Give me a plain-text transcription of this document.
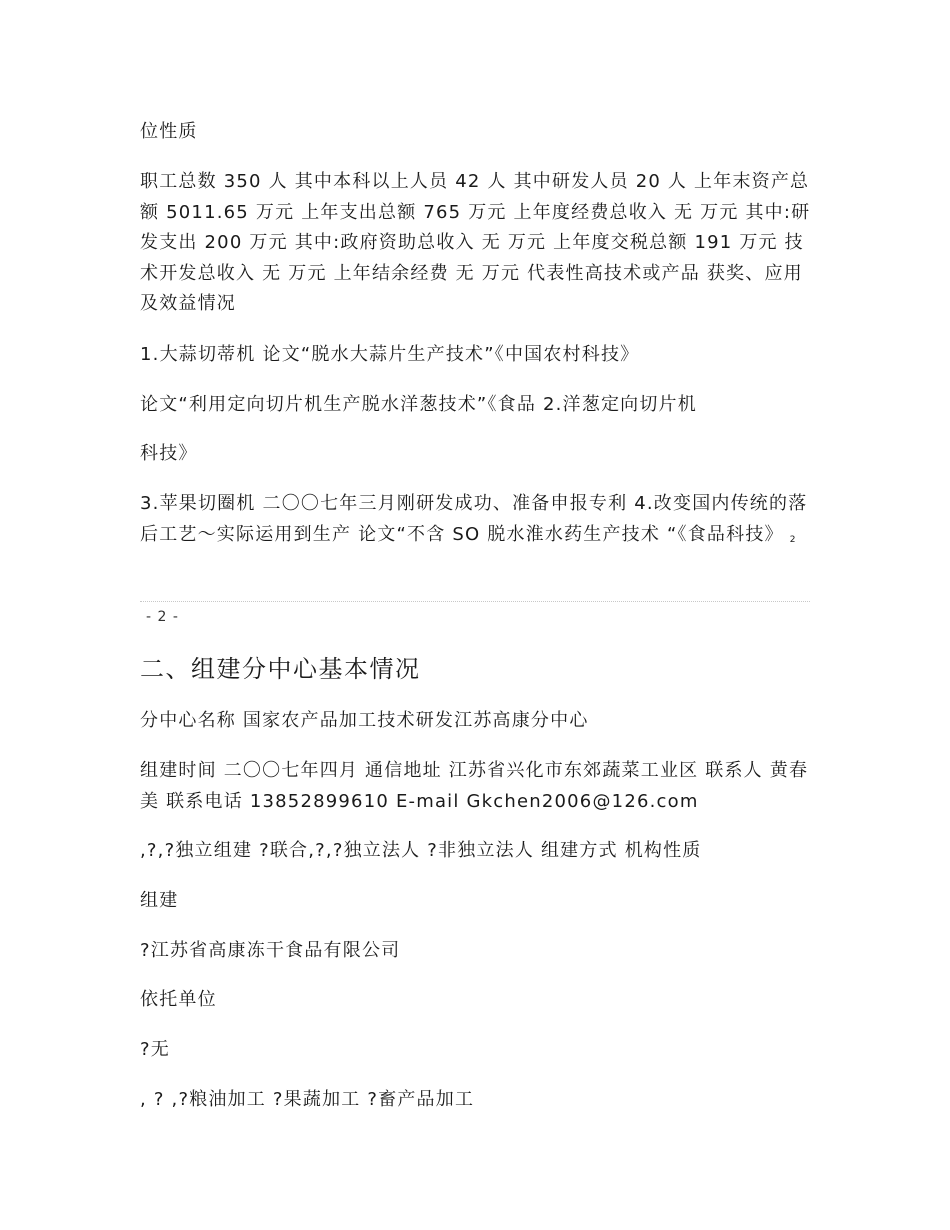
位性质
职工总数 350 人 其中本科以上人员 42 人 其中研发人员 20 人 上年末资产总额 5011.65 万元 上年支出总额 765 万元 上年度经费总收入 无 万元 其中:研发支出 200 万元 其中:政府资助总收入 无 万元 上年度交税总额 191 万元 技术开发总收入 无 万元 上年结余经费 无 万元 代表性高技术或产品 获奖、应用及效益情况
1.大蒜切蒂机 论文“脱水大蒜片生产技术”《中国农村科技》
论文“利用定向切片机生产脱水洋葱技术”《食品 2.洋葱定向切片机
科技》
3.苹果切圈机 二〇〇七年三月刚研发成功、准备申报专利 4.改变国内传统的落后工艺～实际运用到生产 论文“不含 SO 脱水淮水药生产技术 “《食品科技》 $_2$
- 2 -
二、组建分中心基本情况
分中心名称 国家农产品加工技术研发江苏高康分中心
组建时间 二〇〇七年四月 通信地址 江苏省兴化市东郊蔬菜工业区 联系人 黄春美 联系电话 13852899610 E-mail Gkchen2006@126.com
,?,?独立组建 ?联合,?,?独立法人 ?非独立法人 组建方式 机构性质
组建
?江苏省高康冻干食品有限公司
依托单位
?无
, ? ,?粮油加工 ?果蔬加工 ?畜产品加工
